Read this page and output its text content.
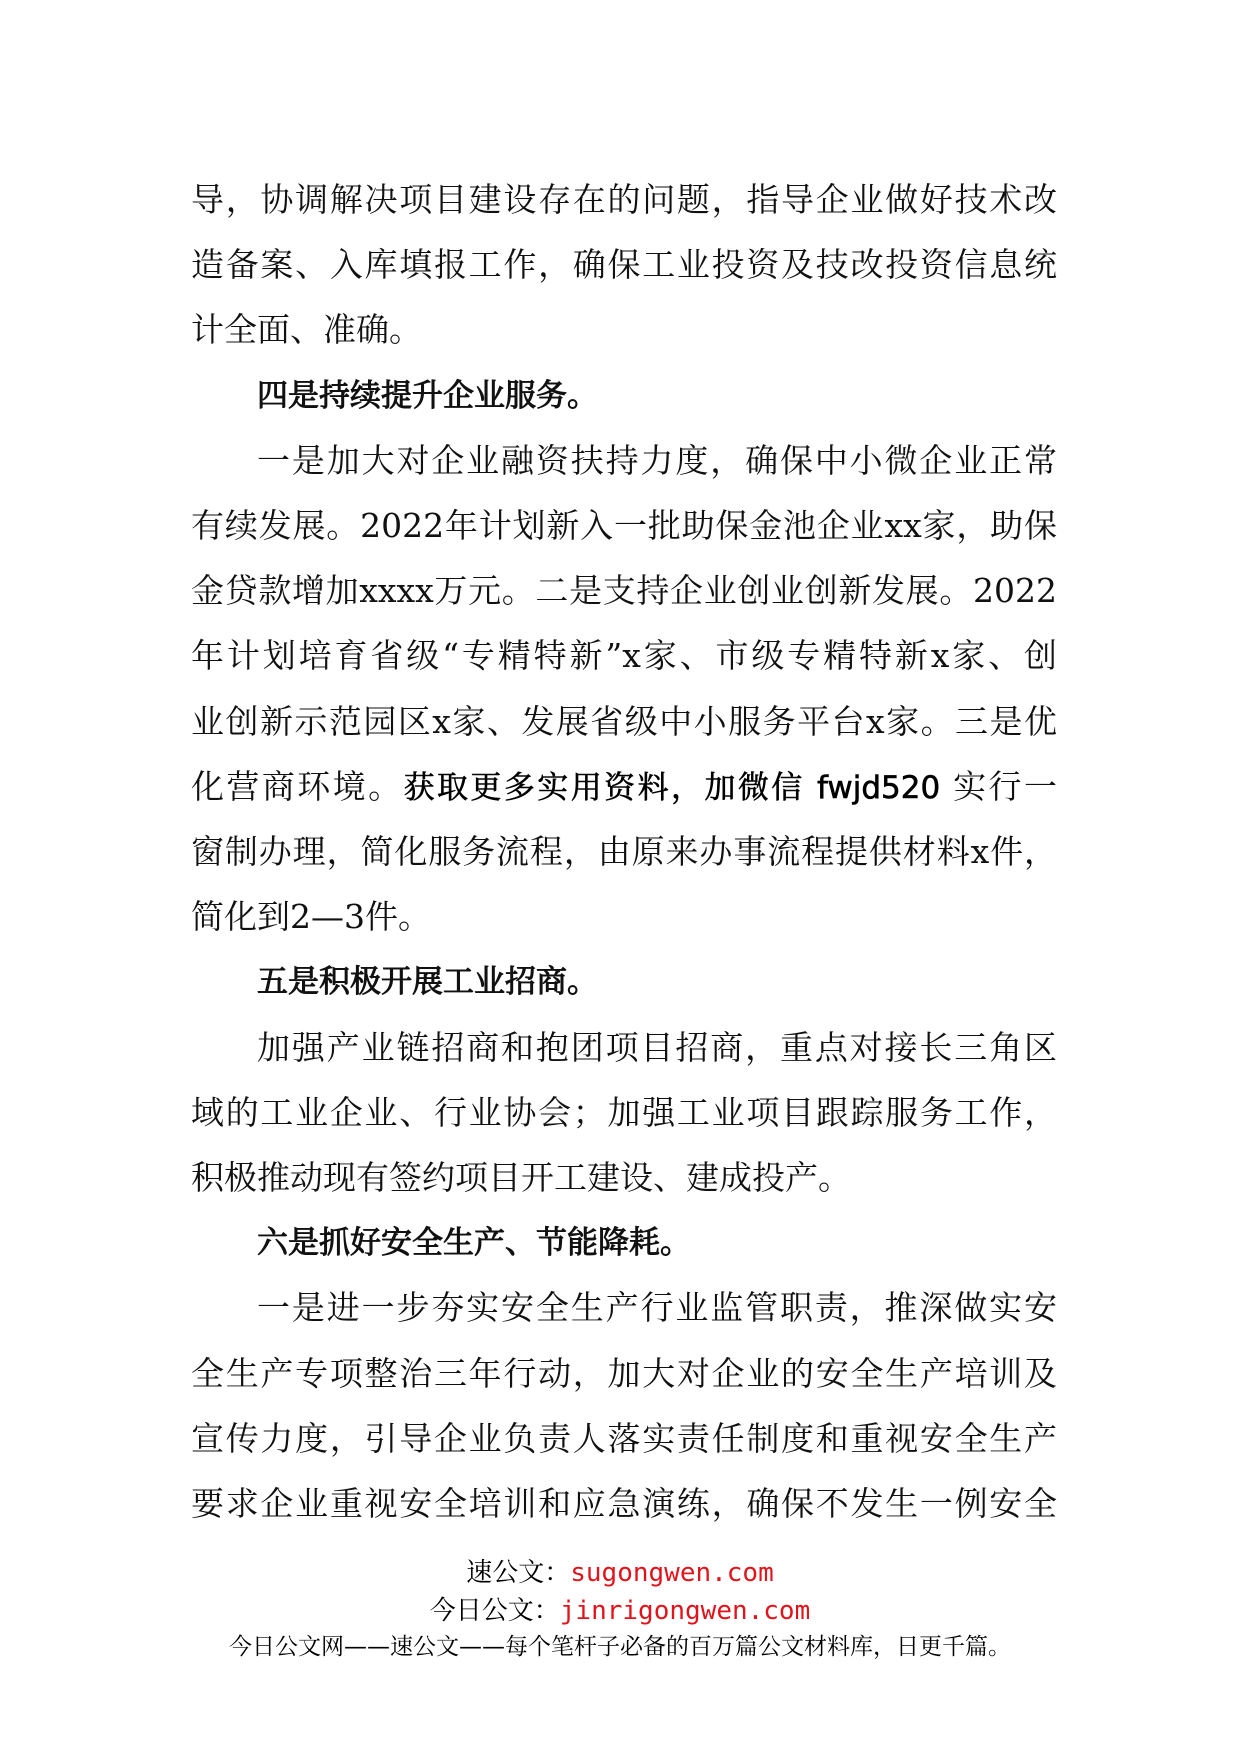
导，协调解决项目建设存在的问题，指导企业做好技术改
造备案、入库填报工作，确保工业投资及技改投资信息统
计全面、准确。
四是持续提升企业服务。
一是加大对企业融资扶持力度，确保中小微企业正常
有续发展。2022年计划新入一批助保金池企业xx家，助保
金贷款增加xxxx万元。二是支持企业创业创新发展。2022
年计划培育省级“专精特新”x家、市级专精特新x家、创
业创新示范园区x家、发展省级中小服务平台x家。三是优
化营商环境。获取更多实用资料，加微信 fwjd520 实行一
窗制办理，简化服务流程，由原来办事流程提供材料x件，
简化到2—3件。
五是积极开展工业招商。
加强产业链招商和抱团项目招商，重点对接长三角区
域的工业企业、行业协会；加强工业项目跟踪服务工作，
积极推动现有签约项目开工建设、建成投产。
六是抓好安全生产、节能降耗。
一是进一步夯实安全生产行业监管职责，推深做实安
全生产专项整治三年行动，加大对企业的安全生产培训及
宣传力度，引导企业负责人落实责任制度和重视安全生产
要求企业重视安全培训和应急演练，确保不发生一例安全
速公文：sugongwen.com
今日公文：jinrigongwen.com
今日公文网——速公文——每个笔杆子必备的百万篇公文材料库，日更千篇。
